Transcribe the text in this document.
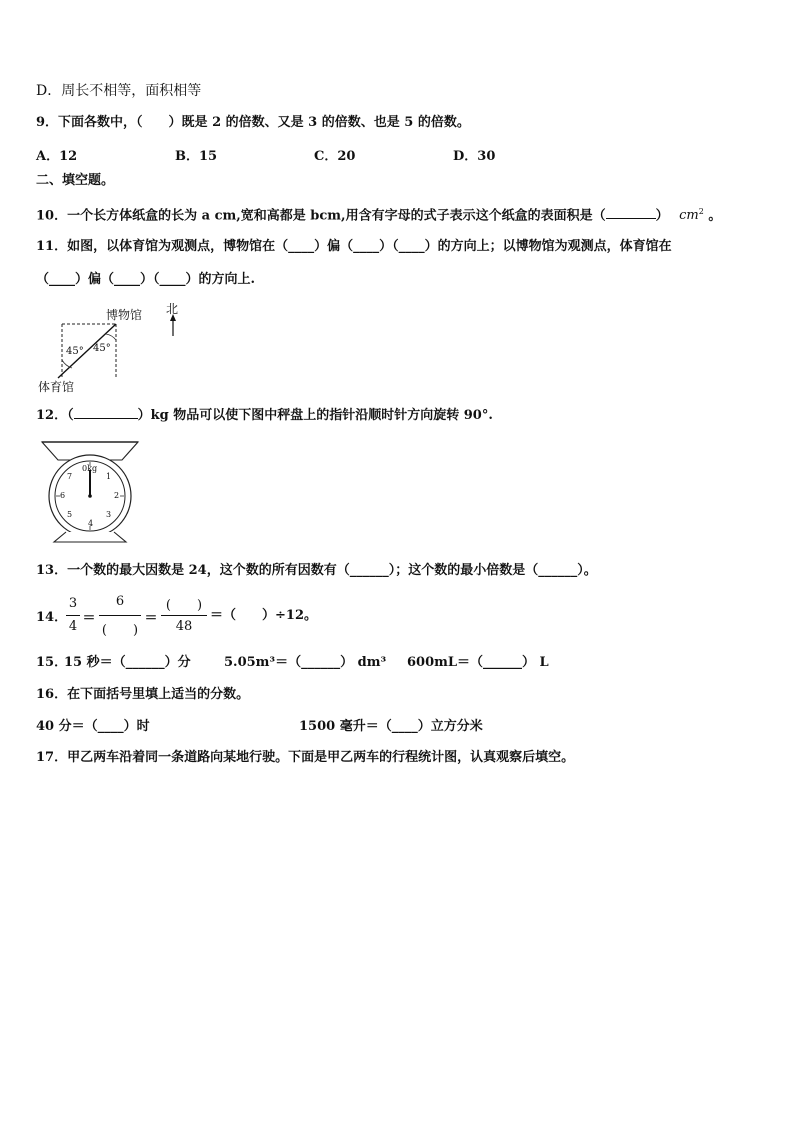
D．周长不相等，面积相等
9．下面各数中，（　　）既是 2 的倍数、又是 3 的倍数、也是 5 的倍数。
A．12	B．15	C．20	D．30
二、填空题。
10．一个长方体纸盒的长为 a cm,宽和高都是 bcm,用含有字母的式子表示这个纸盒的表面积是（	） $cm^2$ 。
11．如图，以体育馆为观测点，博物馆在（____）偏（____）（____）的方向上；以博物馆为观测点，体育馆在
（____）偏（____）（____）的方向上.
博物馆
体育馆
北
45° 45°
12．（	）kg 物品可以使下图中秤盘上的指针沿顺时针方向旋转 90°.
0kg
1
2
3
4
5
6
7
13．一个数的最大因数是 24，这个数的所有因数有（______）；这个数的最小倍数是（______）。
14．
3
4
＝
6
(　　)
＝
(　　)
48
＝（　　）÷12。
15．
15 秒＝（______）分	5.05m³＝（______） dm³ 600mL＝（______） L
16．在下面括号里填上适当的分数。
40 分＝（____）时	1500 毫升＝（____）立方分米
17．甲乙两车沿着同一条道路向某地行驶。下面是甲乙两车的行程统计图，认真观察后填空。
